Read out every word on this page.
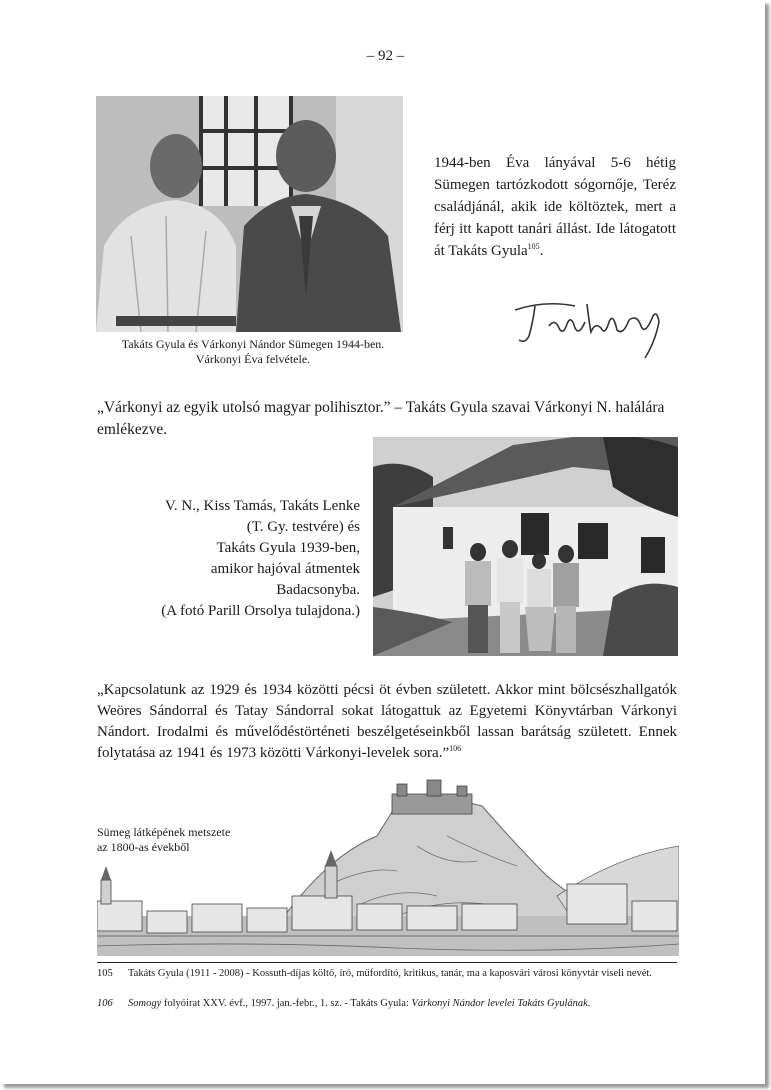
– 92 –
Takáts Gyula és Várkonyi Nándor Sümegen 1944-ben.
Várkonyi Éva felvétele.
1944-ben Éva lányával 5-6 hétig Sümegen tartózkodott sógornője, Teréz családjánál, akik ide költöztek, mert a férj itt kapott tanári állást. Ide látogatott át Takáts Gyula$^{105}$.
„Várkonyi az egyik utolsó magyar polihisztor.” – Takáts Gyula szavai Várkonyi N. halálára emlékezve.
V. N., Kiss Tamás, Takáts Lenke
(T. Gy. testvére) és
Takáts Gyula 1939-ben,
amikor hajóval átmentek
Badacsonyba.
(A fotó Parill Orsolya tulajdona.)
„Kapcsolatunk az 1929 és 1934 közötti pécsi öt évben született. Akkor mint bölcsészhallgatók Weöres Sándorral és Tatay Sándorral sokat látogattuk az Egyetemi Könyvtárban Várkonyi Nándort. Irodalmi és művelődéstörténeti beszélgetéseinkből lassan barátság született. Ennek folytatása az 1941 és 1973 közötti Várkonyi-levelek sora.”$^{106}$
Sümeg látképének metszete
az 1800-as évekből
105	Takáts Gyula (1911 - 2008) - Kossuth-díjas költő, író, műfordító, kritikus, tanár, ma a kaposvári városi könyvtár viseli nevét.
106	Somogy folyóirat XXV. évf., 1997. jan.-febr., 1. sz. - Takáts Gyula: Várkonyi Nándor levelei Takáts Gyulának.
